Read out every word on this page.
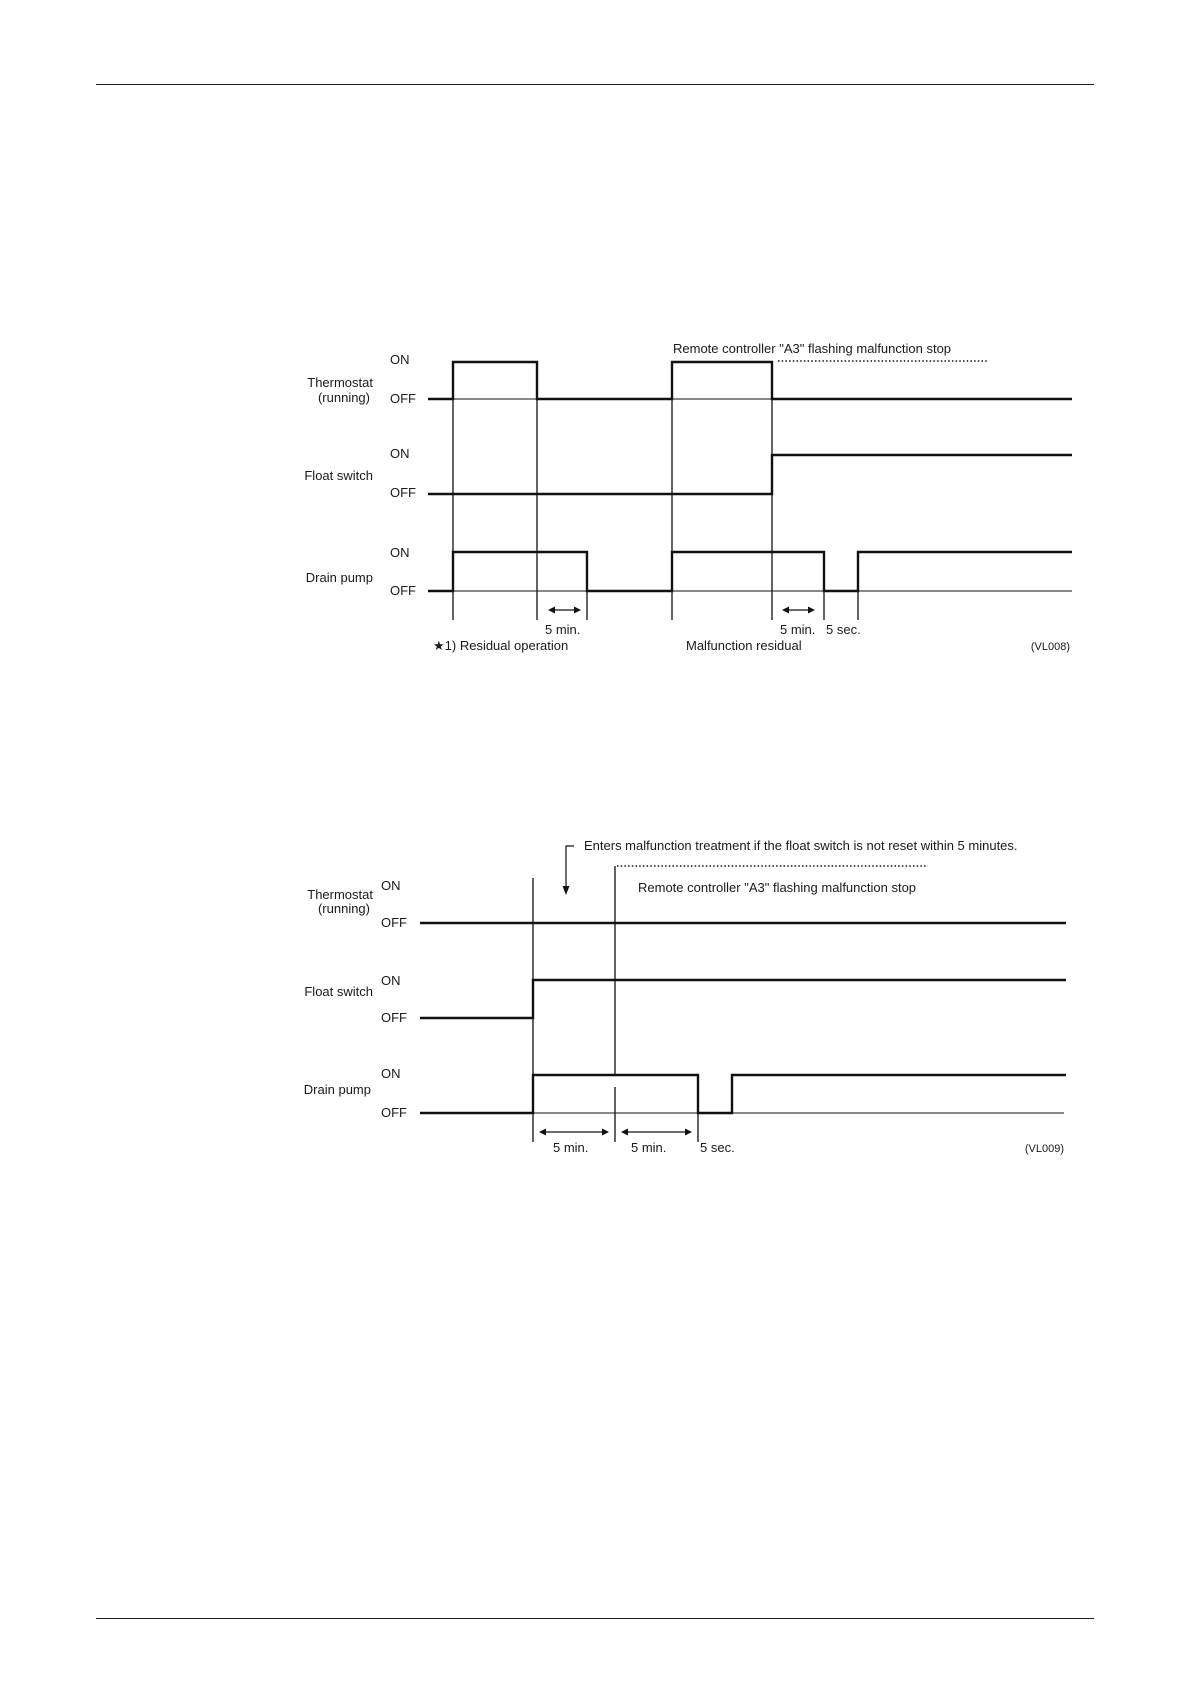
Thermostat
(running)
Float switch
Drain pump
ON
OFF
ON
OFF
ON
OFF
Remote controller "A3" flashing malfunction stop
5 min.	5 min. 5 sec.
★1) Residual operation	Malfunction residual	(VL008)
Thermostat
(running)
Float switch
Drain pump
ON
OFF
ON
OFF
ON
OFF
Enters malfunction treatment if the float switch is not reset within 5 minutes.
Remote controller "A3" flashing malfunction stop
5 min.	5 min.	5 sec.	(VL009)
